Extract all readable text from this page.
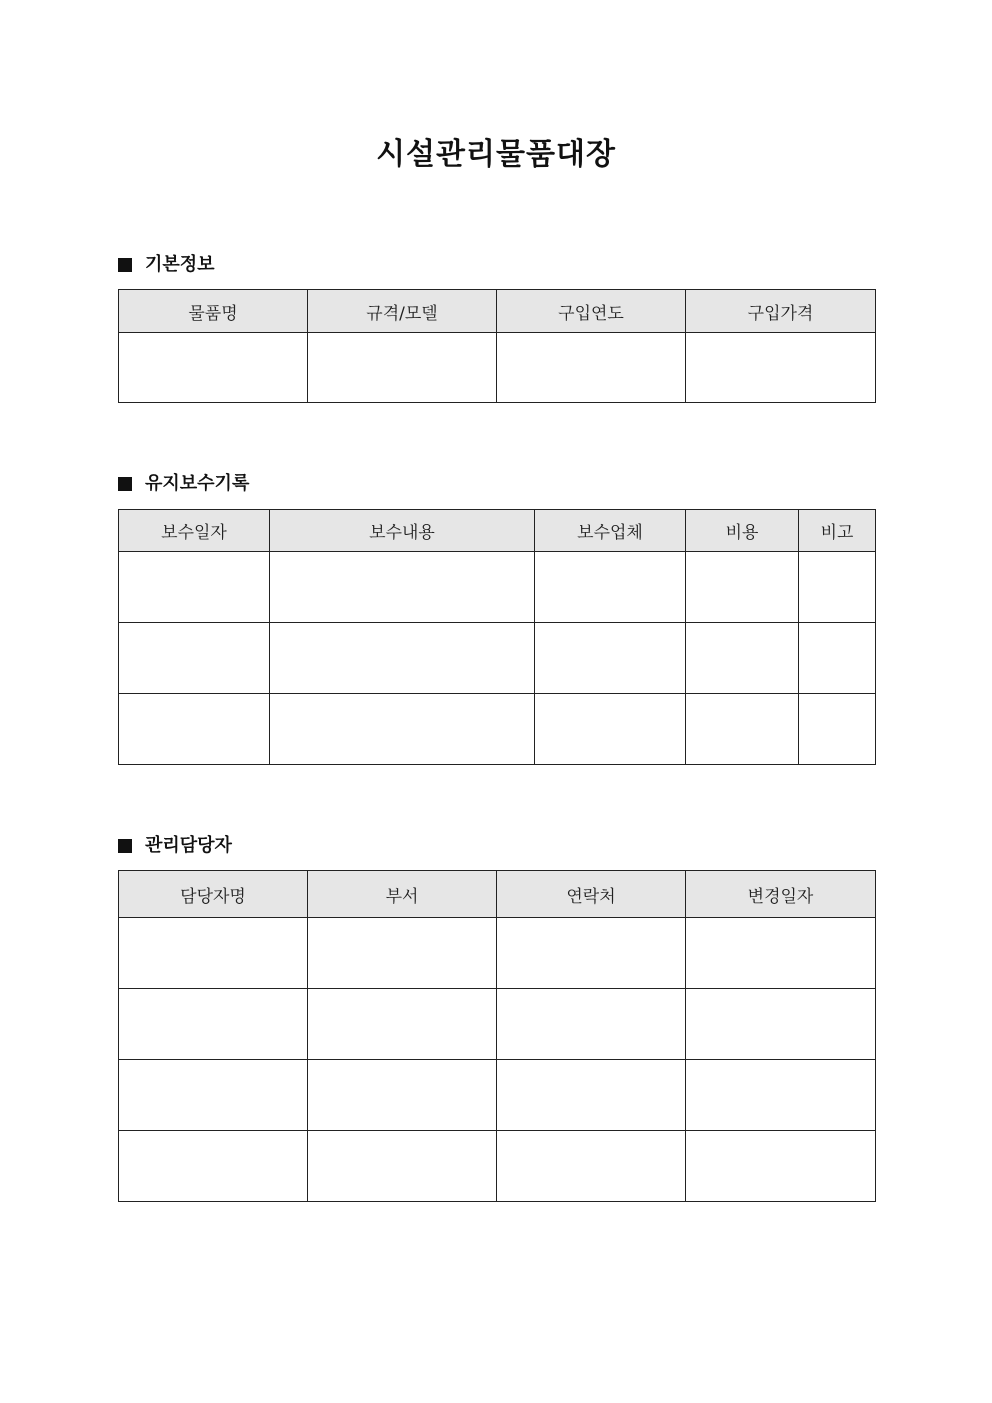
시설관리물품대장
기본정보
물품명	규격/모델	구입연도	구입가격

유지보수기록
보수일자	보수내용	보수업체	비용	비고

관리담당자
담당자명	부서	연락처	변경일자
